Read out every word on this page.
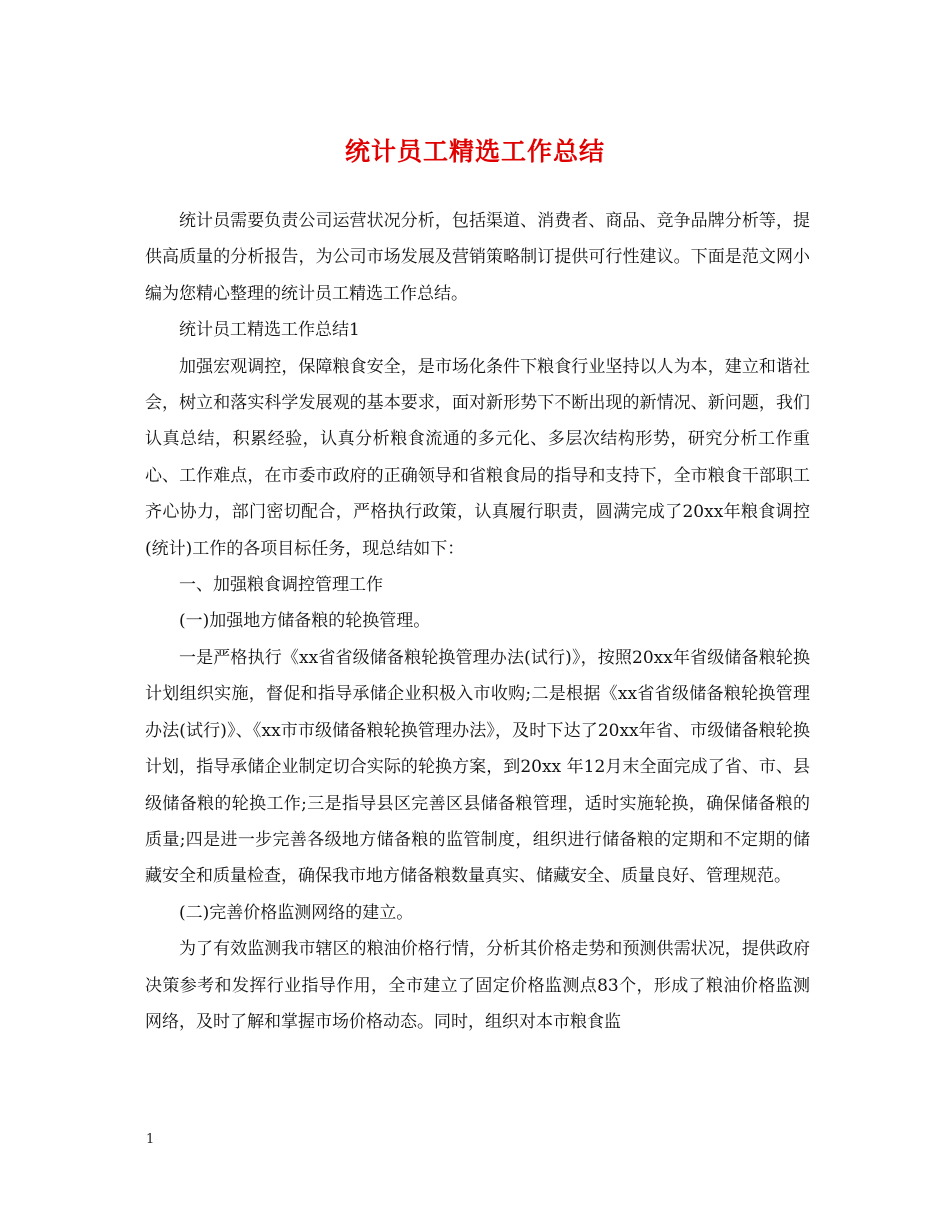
统计员工精选工作总结

统计员需要负责公司运营状况分析，包括渠道、消费者、商品、竞争品牌分析等，提供高质量的分析报告，为公司市场发展及营销策略制订提供可行性建议。下面是范文网小编为您精心整理的统计员工精选工作总结。

统计员工精选工作总结1

加强宏观调控，保障粮食安全，是市场化条件下粮食行业坚持以人为本，建立和谐社会，树立和落实科学发展观的基本要求，面对新形势下不断出现的新情况、新问题，我们认真总结，积累经验，认真分析粮食流通的多元化、多层次结构形势，研究分析工作重心、工作难点，在市委市政府的正确领导和省粮食局的指导和支持下，全市粮食干部职工齐心协力，部门密切配合，严格执行政策，认真履行职责，圆满完成了20xx年粮食调控(统计)工作的各项目标任务，现总结如下：

一、加强粮食调控管理工作

(一)加强地方储备粮的轮换管理。

一是严格执行《xx省省级储备粮轮换管理办法(试行)》，按照20xx年省级储备粮轮换计划组织实施，督促和指导承储企业积极入市收购;二是根据《xx省省级储备粮轮换管理办法(试行)》、《xx市市级储备粮轮换管理办法》，及时下达了20xx年省、市级储备粮轮换计划，指导承储企业制定切合实际的轮换方案，到20xx 年12月末全面完成了省、市、县级储备粮的轮换工作;三是指导县区完善区县储备粮管理，适时实施轮换，确保储备粮的质量;四是进一步完善各级地方储备粮的监管制度，组织进行储备粮的定期和不定期的储藏安全和质量检查，确保我市地方储备粮数量真实、储藏安全、质量良好、管理规范。

(二)完善价格监测网络的建立。

为了有效监测我市辖区的粮油价格行情，分析其价格走势和预测供需状况，提供政府决策参考和发挥行业指导作用，全市建立了固定价格监测点83个，形成了粮油价格监测网络，及时了解和掌握市场价格动态。同时，组织对本市粮食监

1
